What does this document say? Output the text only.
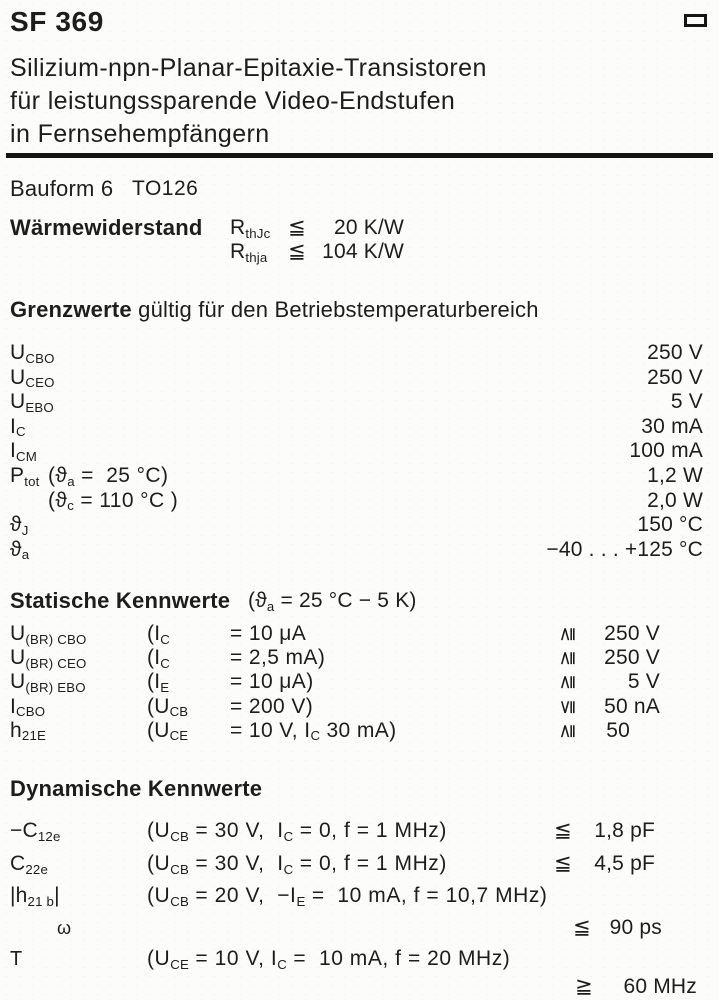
SF 369
Silizium-npn-Planar-Epitaxie-Transistoren
für leistungssparende Video-Endstufen
in Fernsehempfängern
Bauform 6 TO126
Wärmewiderstand RthJc ≦	20 K/W
Rthja ≦ 104 K/W
Grenzwerte gültig für den Betriebstemperaturbereich
UCBO	250 V
UCEO	250 V
UEBO	5 V
IC	30 mA
ICM	100 mA
Ptot (ϑa =  25 °C)	1,2 W
(ϑc = 110 °C )	2,0 W
ϑJ	150 °C
ϑa	−40 . . . +125 °C
Statische Kennwerte (ϑa = 25 °C − 5 K)
U(BR) CBO	(IC	= 10 μA	≧ 250 V
U(BR) CEO	(IC	= 2,5 mA)	≧ 250 V
U(BR) EBO	(IE	= 10 μA)	≧ 5 V
ICBO	(UCB = 200 V)	≦ 50 nA
h21E	(UCE = 10 V, IC 30 mA)	≧ 50
Dynamische Kennwerte
−C12e	(UCB = 30 V,  IC = 0, f = 1 MHz)	≦ 1,8 pF
C22e	(UCB = 30 V,  IC = 0, f = 1 MHz)	≦ 4,5 pF
|h21 b|	(UCB = 20 V,  −IE =  10 mA, f = 10,7 MHz)
ω	≦ 90 ps
T	(UCE = 10 V, IC =  10 mA, f = 20 MHz)
≧ 60 MHz
